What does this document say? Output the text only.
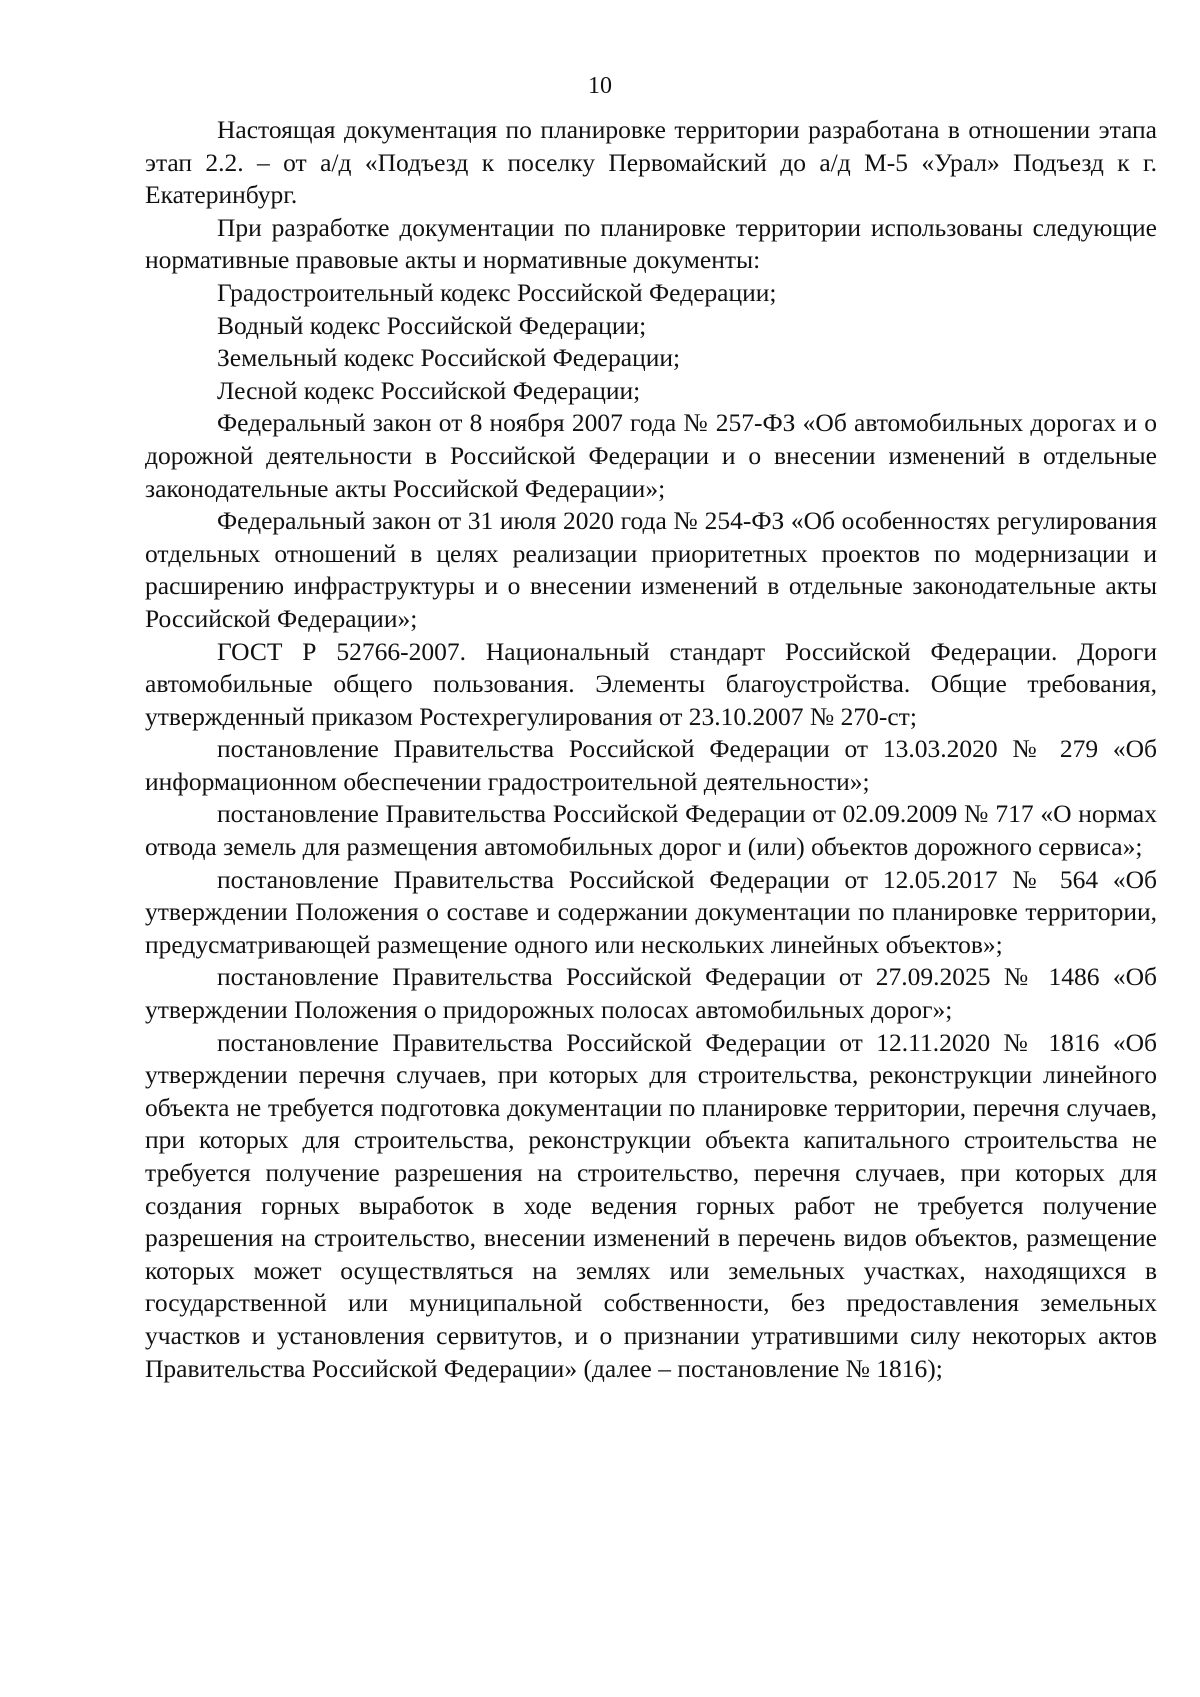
10

Настоящая документация по планировке территории разработана в отношении этапа этап 2.2. – от а/д «Подъезд к поселку Первомайский до а/д М-5 «Урал» Подъезд к г. Екатеринбург.

При разработке документации по планировке территории использованы следующие нормативные правовые акты и нормативные документы:

Градостроительный кодекс Российской Федерации;

Водный кодекс Российской Федерации;

Земельный кодекс Российской Федерации;

Лесной кодекс Российской Федерации;

Федеральный закон от 8 ноября 2007 года № 257-ФЗ «Об автомобильных дорогах и о дорожной деятельности в Российской Федерации и о внесении изменений в отдельные законодательные акты Российской Федерации»;

Федеральный закон от 31 июля 2020 года № 254-ФЗ «Об особенностях регулирования отдельных отношений в целях реализации приоритетных проектов по модернизации и расширению инфраструктуры и о внесении изменений в отдельные законодательные акты Российской Федерации»;

ГОСТ Р 52766-2007. Национальный стандарт Российской Федерации. Дороги автомобильные общего пользования. Элементы благоустройства. Общие требования, утвержденный приказом Ростехрегулирования от 23.10.2007 № 270-ст;

постановление Правительства Российской Федерации от 13.03.2020 № 279 «Об информационном обеспечении градостроительной деятельности»;

постановление Правительства Российской Федерации от 02.09.2009 № 717 «О нормах отвода земель для размещения автомобильных дорог и (или) объектов дорожного сервиса»;

постановление Правительства Российской Федерации от 12.05.2017 № 564 «Об утверждении Положения о составе и содержании документации по планировке территории, предусматривающей размещение одного или нескольких линейных объектов»;

постановление Правительства Российской Федерации от 27.09.2025 № 1486 «Об утверждении Положения о придорожных полосах автомобильных дорог»;

постановление Правительства Российской Федерации от 12.11.2020 № 1816 «Об утверждении перечня случаев, при которых для строительства, реконструкции линейного объекта не требуется подготовка документации по планировке территории, перечня случаев, при которых для строительства, реконструкции объекта капитального строительства не требуется получение разрешения на строительство, перечня случаев, при которых для создания горных выработок в ходе ведения горных работ не требуется получение разрешения на строительство, внесении изменений в перечень видов объектов, размещение которых может осуществляться на землях или земельных участках, находящихся в государственной или муниципальной собственности, без предоставления земельных участков и установления сервитутов, и о признании утратившими силу некоторых актов Правительства Российской Федерации» (далее – постановление № 1816);
